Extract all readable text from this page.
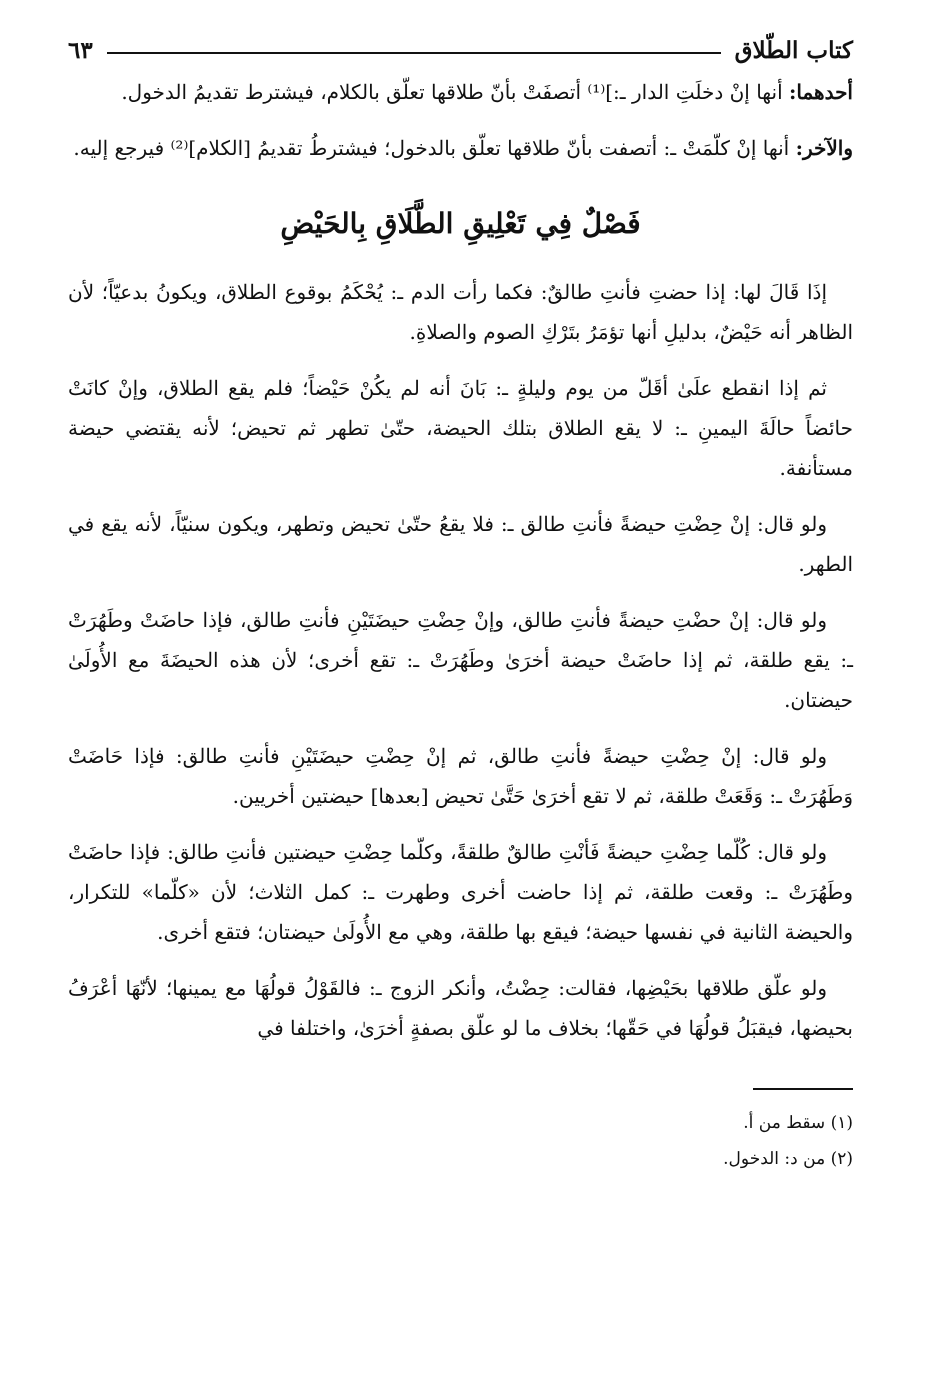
كتاب الطّلاق
٦٣

أحدهما: أنها إنْ دخلَتِ الدار ـ:]⁽¹⁾ أتصفَتْ بأنّ طلاقها تعلّق بالكلام، فيشترط تقديمُ الدخول.

والآخر: أنها إنْ كلّمَتْ ـ: أتصفت بأنّ طلاقها تعلّق بالدخول؛ فيشترطُ تقديمُ [الكلام]⁽²⁾ فيرجع إليه.

فَصْلٌ فِي تَعْلِيقِ الطَّلَاقِ بِالحَيْضِ

إذَا قَالَ لها: إذا حضتِ فأنتِ طالقٌ: فكما رأت الدم ـ: يُحْكَمُ بوقوع الطلاق، ويكونُ بدعيّاً؛ لأن الظاهر أنه حَيْضٌ، بدليلِ أنها تؤمَرُ بتَرْكِ الصوم والصلاةِ.

ثم إذا انقطع علَىٰ أقَلّ من يوم وليلةٍ ـ: بَانَ أنه لم يكُنْ حَيْضاً؛ فلم يقع الطلاق، وإنْ كانَتْ حائضاً حالَةَ اليمينِ ـ: لا يقع الطلاق بتلك الحيضة، حتّىٰ تطهر ثم تحيض؛ لأنه يقتضي حيضة مستأنفة.

ولو قال: إنْ حِضْتِ حيضةً فأنتِ طالق ـ: فلا يقعُ حتّىٰ تحيض وتطهر، ويكون سنيّاً، لأنه يقع في الطهر.

ولو قال: إنْ حضْتِ حيضةً فأنتِ طالق، وإنْ حِضْتِ حيضَتَيْنِ فأنتِ طالق، فإذا حاضَتْ وطَهُرَتْ ـ: يقع طلقة، ثم إذا حاضَتْ حيضة أخرَىٰ وطَهُرَتْ ـ: تقع أخرى؛ لأن هذه الحيضَةَ مع الأُولَىٰ حيضتان.

ولو قال: إنْ حِضْتِ حيضةً فأنتِ طالق، ثم إنْ حِضْتِ حيضَتَيْنِ فأنتِ طالق: فإذا حَاضَتْ وَطَهُرَتْ ـ: وَقَعَتْ طلقة، ثم لا تقع أخرَىٰ حَتَّىٰ تحيض [بعدها] حيضتين أخريين.

ولو قال: كُلّما حِضْتِ حيضةً فَأنْتِ طالقٌ طلقةً، وكلّما حِضْتِ حيضتين فأنتِ طالق: فإذا حاضَتْ وطَهُرَتْ ـ: وقعت طلقة، ثم إذا حاضت أخرى وطهرت ـ: كمل الثلاث؛ لأن «كلّما» للتكرار، والحيضة الثانية في نفسها حيضة؛ فيقع بها طلقة، وهي مع الأُولَىٰ حيضتان؛ فتقع أخرى.

ولو علّق طلاقها بحَيْضِها، فقالت: حِضْتُ، وأنكر الزوج ـ: فالقَوْلُ قولُهَا مع يمينها؛ لأنّهَا أعْرَفُ بحيضها، فيقبَلُ قولُهَا في حَقّها؛ بخلاف ما لو علّق بصفةٍ أخرَىٰ، واختلفا في

(١) سقط من أ.

(٢) من د: الدخول.
